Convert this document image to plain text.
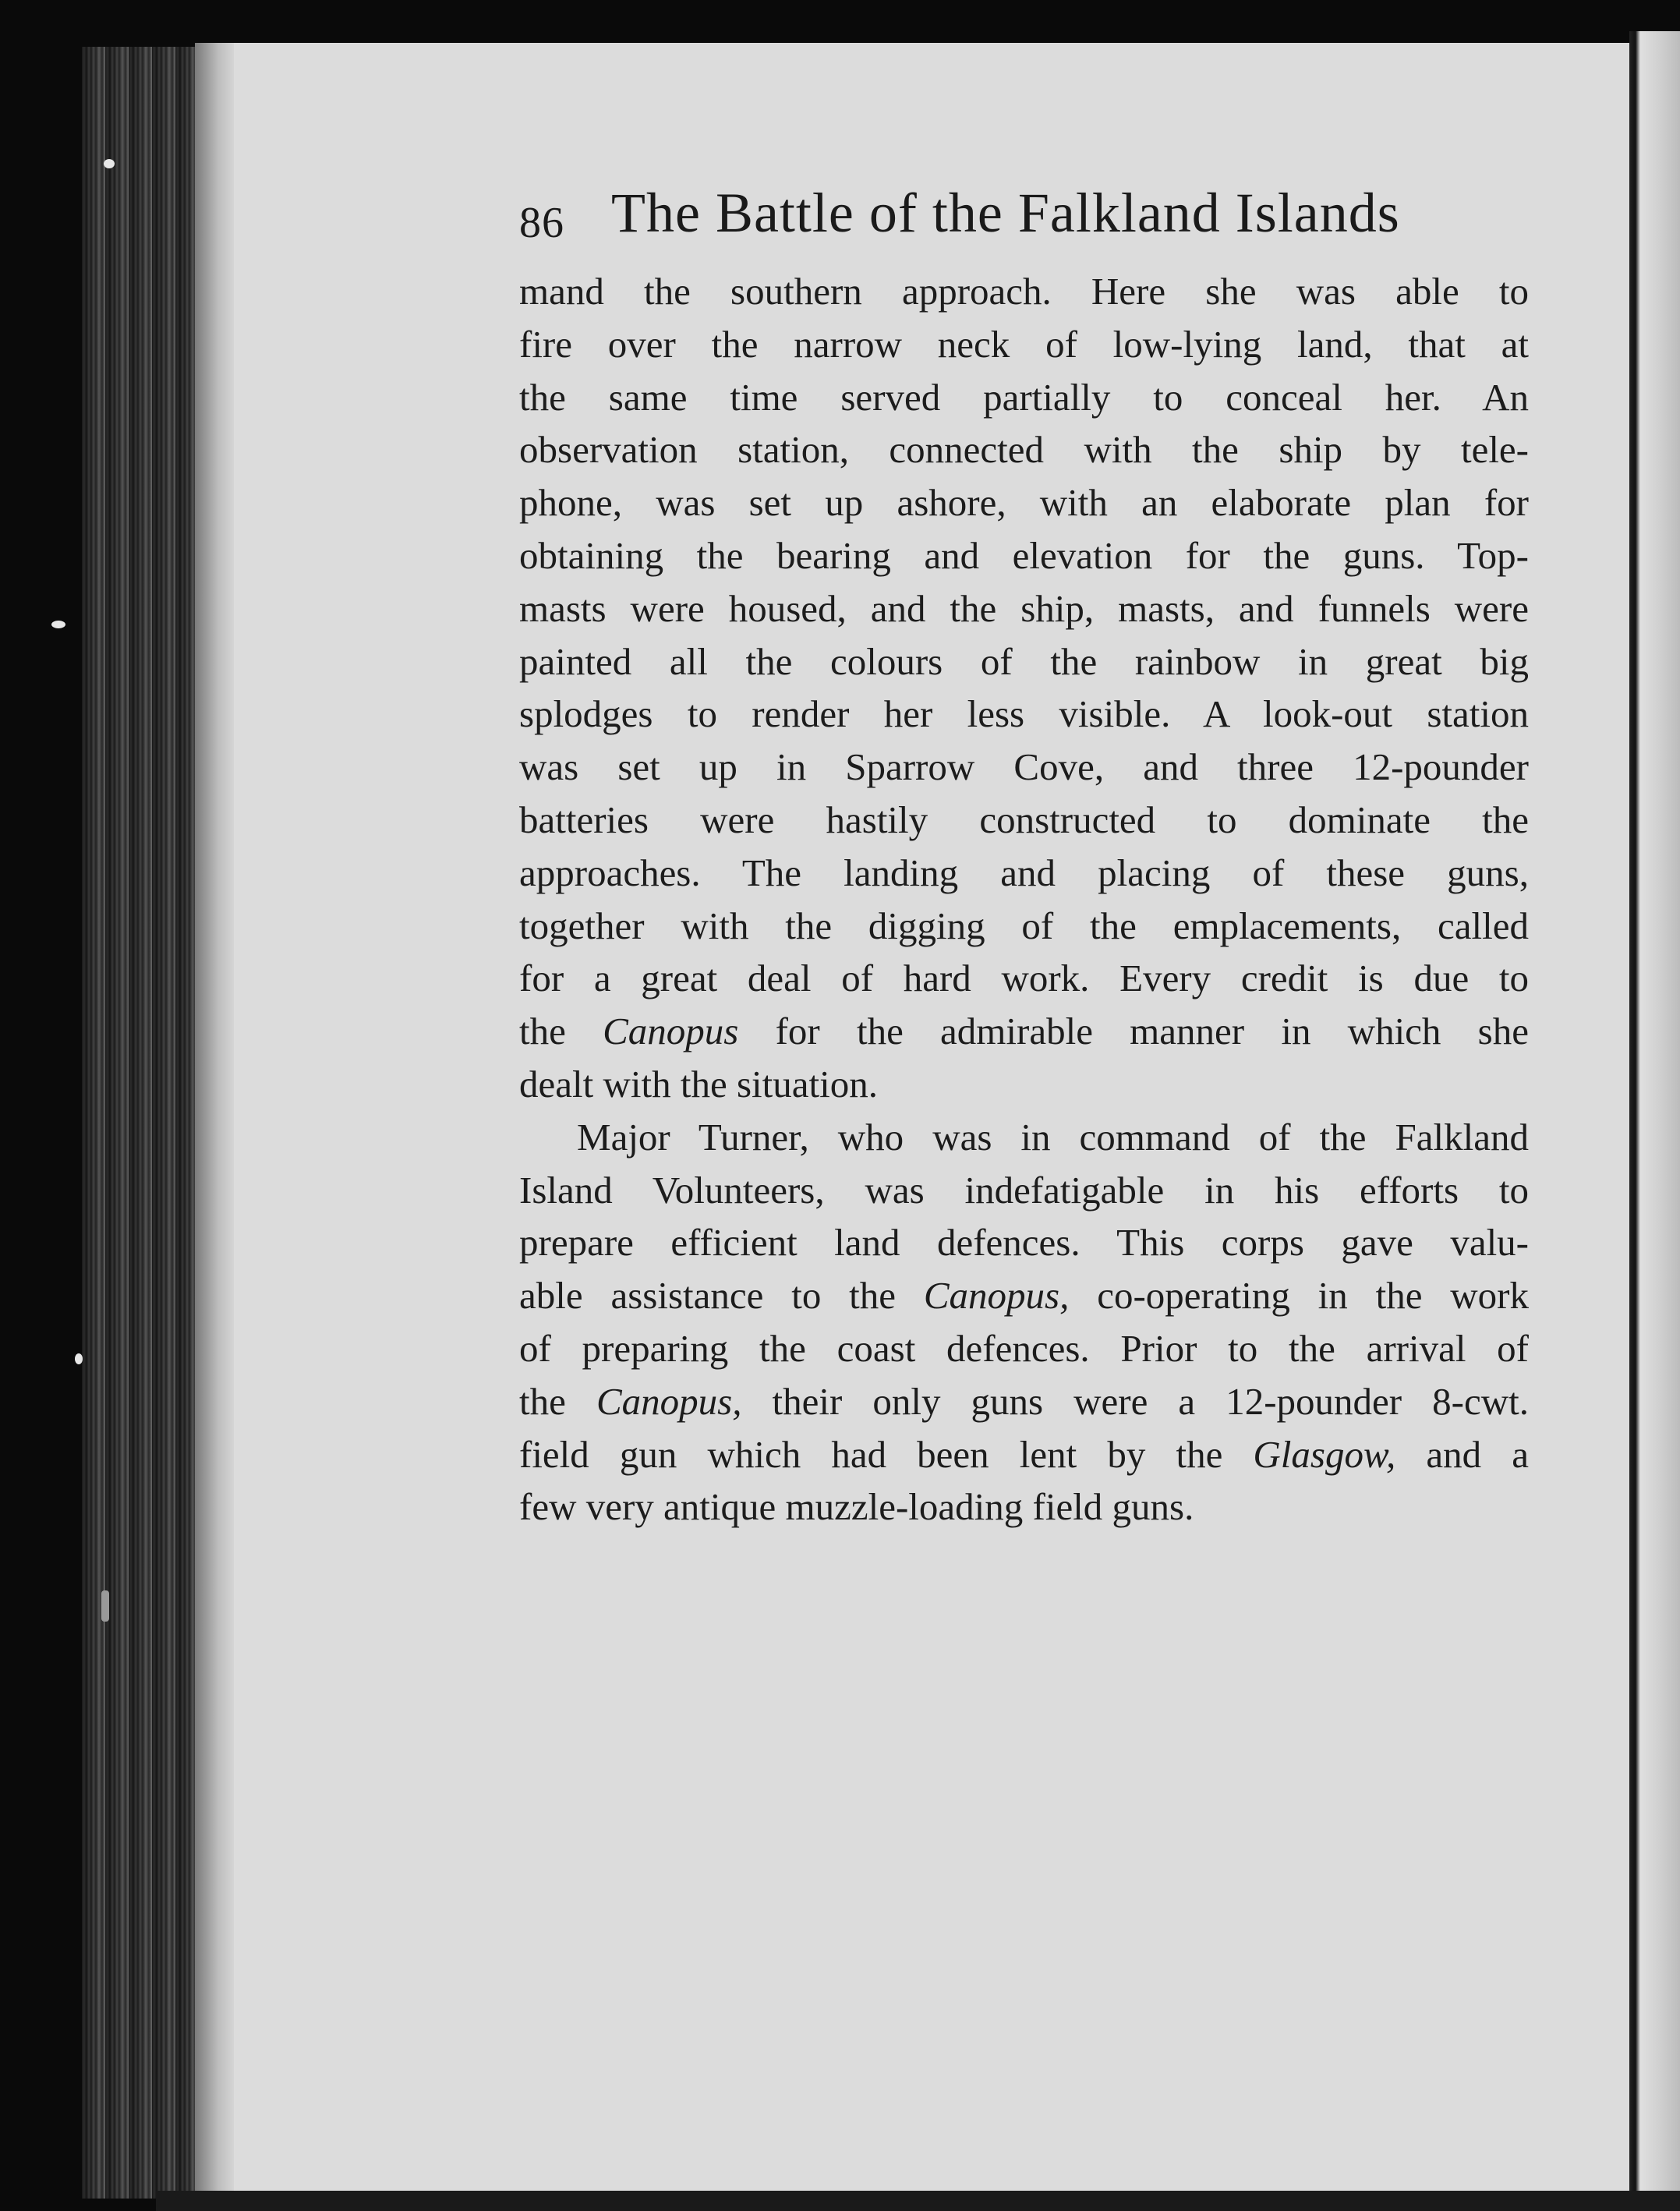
86 The Battle of the Falkland Islands
mand the southern approach. Here she was able to
fire over the narrow neck of low-lying land, that at
the same time served partially to conceal her. An
observation station, connected with the ship by tele-
phone, was set up ashore, with an elaborate plan for
obtaining the bearing and elevation for the guns. Top-
masts were housed, and the ship, masts, and funnels were
painted all the colours of the rainbow in great big
splodges to render her less visible. A look-out station
was set up in Sparrow Cove, and three 12-pounder
batteries were hastily constructed to dominate the
approaches. The landing and placing of these guns,
together with the digging of the emplacements, called
for a great deal of hard work. Every credit is due to
the Canopus for the admirable manner in which she
dealt with the situation.
Major Turner, who was in command of the Falkland
Island Volunteers, was indefatigable in his efforts to
prepare efficient land defences. This corps gave valu-
able assistance to the Canopus, co-operating in the work
of preparing the coast defences. Prior to the arrival of
the Canopus, their only guns were a 12-pounder 8-cwt.
field gun which had been lent by the Glasgow, and a
few very antique muzzle-loading field guns.
